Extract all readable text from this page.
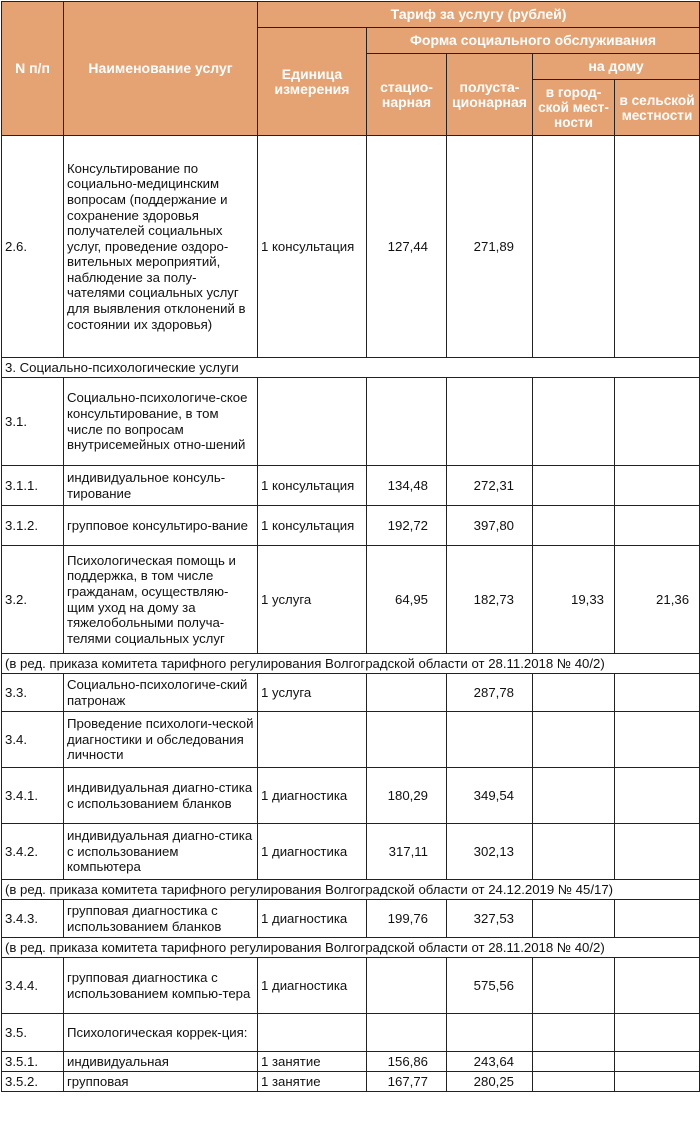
N п/п	Наименование услуг	Тариф за услугу (рублей)				
		Единица измерения	Форма социального обслуживания			
			стацио-нарная	полуста-ционарная	на дому	
					в город-ской мест-ности	в сельской местности
2.6.	Консультирование по социально-медицинским вопросам (поддержание и сохранение здоровья получателей социальных услуг, проведение оздоро-вительных мероприятий, наблюдение за полу-чателями социальных услуг для выявления отклонений в состоянии их здоровья)	1 консультация	127,44	271,89		
3. Социально-психологические услуги						
3.1.	Социально-психологиче-ское консультирование, в том числе по вопросам внутрисемейных отно-шений					
3.1.1.	индивидуальное консуль-тирование	1 консультация	134,48	272,31		
3.1.2.	групповое консультиро-вание	1 консультация	192,72	397,80		
3.2.	Психологическая помощь и поддержка, в том числе гражданам, осуществляю-щим уход на дому за тяжелобольными получа-телями социальных услуг	1 услуга	64,95	182,73	19,33	21,36
(в ред. приказа комитета тарифного регулирования Волгоградской области от 28.11.2018 № 40/2)						
3.3.	Социально-психологиче-ский патронаж	1 услуга		287,78		
3.4.	Проведение психологи-ческой диагностики и обследования личности					
3.4.1.	индивидуальная диагно-стика с использованием бланков	1 диагностика	180,29	349,54		
3.4.2.	индивидуальная диагно-стика с использованием компьютера	1 диагностика	317,11	302,13		
(в ред. приказа комитета тарифного регулирования Волгоградской области от 24.12.2019 № 45/17)						
3.4.3.	групповая диагностика с использованием бланков	1 диагностика	199,76	327,53		
(в ред. приказа комитета тарифного регулирования Волгоградской области от 28.11.2018 № 40/2)						
3.4.4.	групповая диагностика с использованием компью-тера	1 диагностика		575,56		
3.5.	Психологическая коррек-ция:					
3.5.1.	индивидуальная	1 занятие	156,86	243,64		
3.5.2.	групповая	1 занятие	167,77	280,25		
